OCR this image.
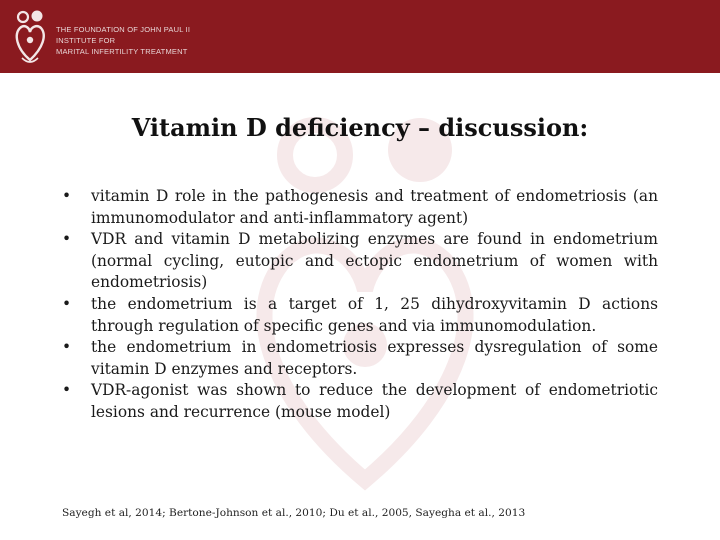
THE FOUNDATION OF JOHN PAUL II
INSTITUTE FOR
MARITAL INFERTILITY TREATMENT
Vitamin D deficiency – discussion:
• vitamin D role in the pathogenesis and treatment of endometriosis (an immunomodulator and anti-inflammatory agent)
• VDR and vitamin D metabolizing enzymes are found in endometrium (normal cycling, eutopic and ectopic endometrium of women with endometriosis)
• the endometrium is a target of 1, 25 dihydroxyvitamin D actions through regulation of specific genes and via immunomodulation.
• the endometrium in endometriosis expresses dysregulation of some vitamin D enzymes and receptors.
• VDR-agonist was shown to reduce the development of endometriotic lesions and recurrence (mouse model)
Sayegh et al, 2014; Bertone-Johnson et al., 2010; Du et al., 2005, Sayegha et al., 2013
